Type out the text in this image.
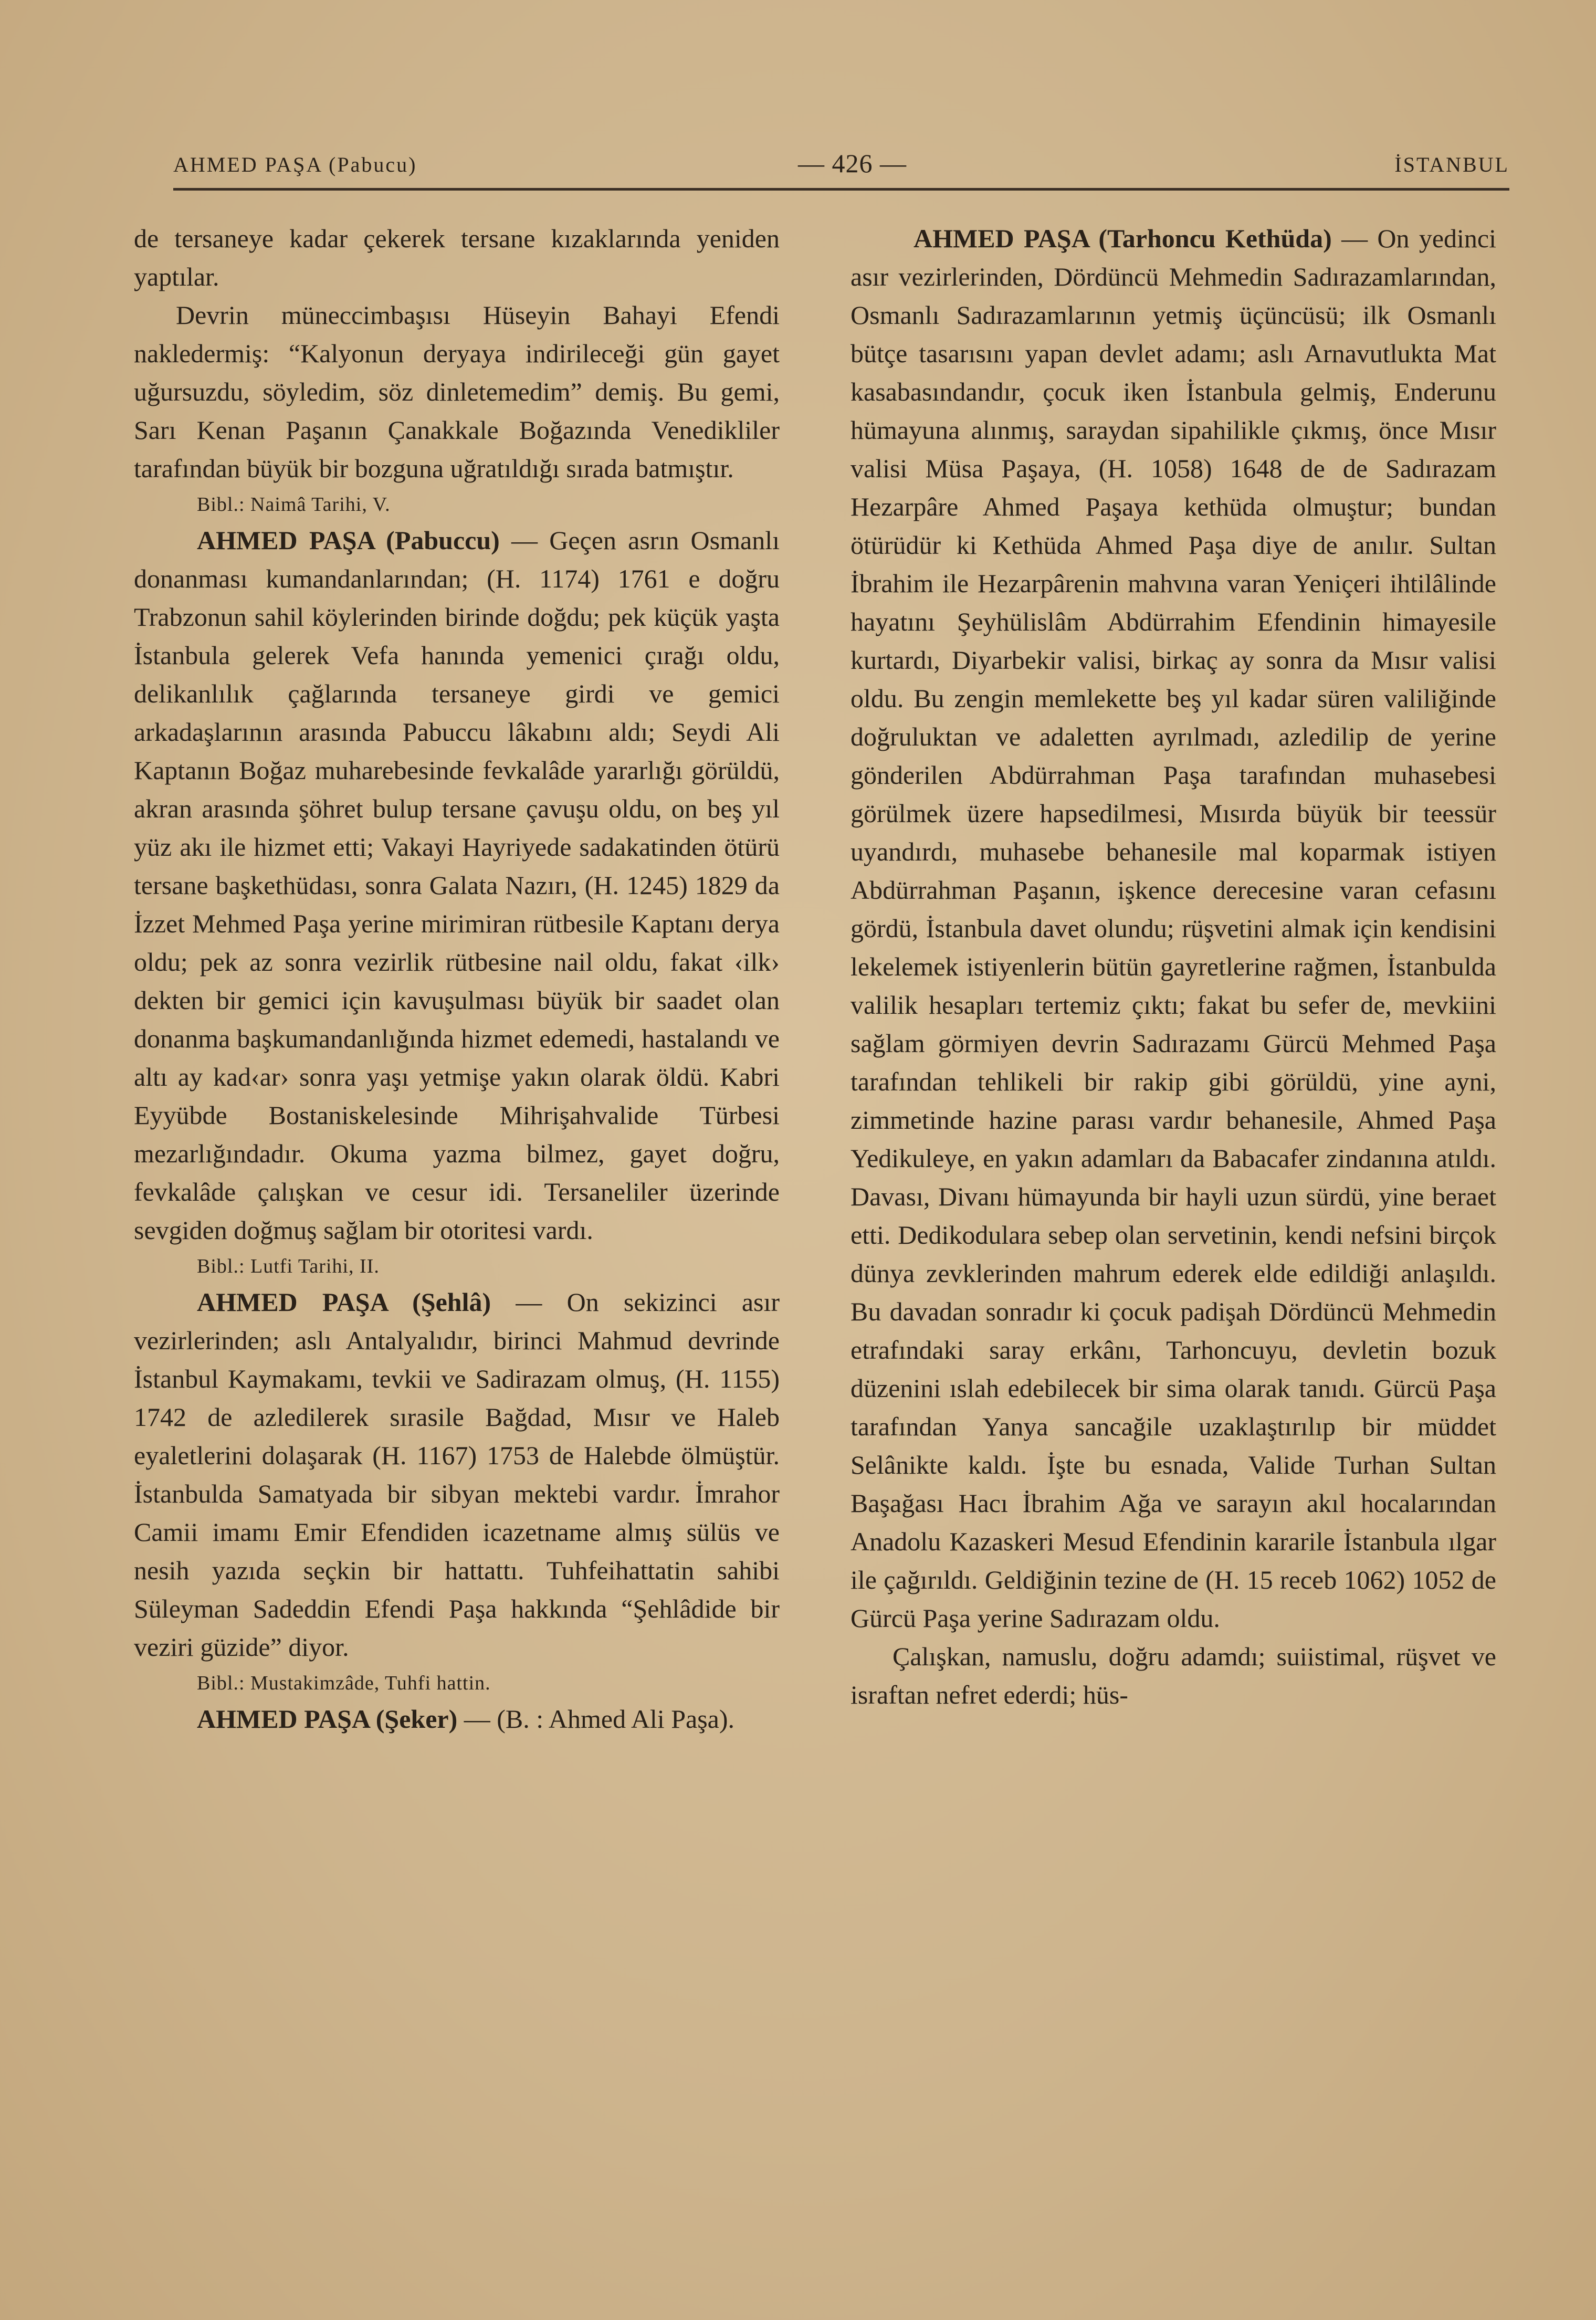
AHMED PAŞA (Pabucu)	— 426 —	İSTANBUL

de tersaneye kadar çekerek tersane kızaklarında yeniden yaptılar.

Devrin müneccimbaşısı Hüseyin Bahayi Efendi nakledermiş: “Kalyonun deryaya indirileceği gün gayet uğursuzdu, söyledim, söz dinletemedim” demiş. Bu gemi, Sarı Kenan Paşanın Çanakkale Boğazında Venedikliler tarafından büyük bir bozguna uğratıldığı sırada batmıştır.

Bibl.: Naimâ Tarihi, V.

AHMED PAŞA (Pabuccu) — Geçen asrın Osmanlı donanması kumandanlarından; (H. 1174) 1761 e doğru Trabzonun sahil köylerinden birinde doğdu; pek küçük yaşta İstanbula gelerek Vefa hanında yemenici çırağı oldu, delikanlılık çağlarında tersaneye girdi ve gemici arkadaşlarının arasında Pabuccu lâkabını aldı; Seydi Ali Kaptanın Boğaz muharebesinde fevkalâde yararlığı görüldü, akran arasında şöhret bulup tersane çavuşu oldu, on beş yıl yüz akı ile hizmet etti; Vakayi Hayriyede sadakatinden ötürü tersane başkethüdası, sonra Galata Nazırı, (H. 1245) 1829 da İzzet Mehmed Paşa yerine mirimiran rütbesile Kaptanı derya oldu; pek az sonra vezirlik rütbesine nail oldu, fakat ‹ilk› dekten bir gemici için kavuşulması büyük bir saadet olan donanma başkumandanlığında hizmet edemedi, hastalandı ve altı ay kad‹ar› sonra yaşı yetmişe yakın olarak öldü. Kabri Eyyübde Bostaniskelesinde Mihrişahvalide Türbesi mezarlığındadır. Okuma yazma bilmez, gayet doğru, fevkalâde çalışkan ve cesur idi. Tersaneliler üzerinde sevgiden doğmuş sağlam bir otoritesi vardı.

Bibl.: Lutfi Tarihi, II.

AHMED PAŞA (Şehlâ) — On sekizinci asır vezirlerinden; aslı Antalyalıdır, birinci Mahmud devrinde İstanbul Kaymakamı, tevkii ve Sadirazam olmuş, (H. 1155) 1742 de azledilerek sırasile Bağdad, Mısır ve Haleb eyaletlerini dolaşarak (H. 1167) 1753 de Halebde ölmüştür. İstanbulda Samatyada bir sibyan mektebi vardır. İmrahor Camii imamı Emir Efendiden icazetname almış sülüs ve nesih yazıda seçkin bir hattattı. Tuhfeihattatin sahibi Süleyman Sadeddin Efendi Paşa hakkında “Şehlâdide bir veziri güzide” diyor.

Bibl.: Mustakimzâde, Tuhfi hattin.

AHMED PAŞA (Şeker) — (B. : Ahmed Ali Paşa).

AHMED PAŞA (Tarhoncu Kethüda) — On yedinci asır vezirlerinden, Dördüncü Mehmedin Sadırazamlarından, Osmanlı Sadırazamlarının yetmiş üçüncüsü; ilk Osmanlı bütçe tasarısını yapan devlet adamı; aslı Arnavutlukta Mat kasabasındandır, çocuk iken İstanbula gelmiş, Enderunu hümayuna alınmış, saraydan sipahilikle çıkmış, önce Mısır valisi Müsa Paşaya, (H. 1058) 1648 de de Sadırazam Hezarpâre Ahmed Paşaya kethüda olmuştur; bundan ötürüdür ki Kethüda Ahmed Paşa diye de anılır. Sultan İbrahim ile Hezarpârenin mahvına varan Yeniçeri ihtilâlinde hayatını Şeyhülislâm Abdürrahim Efendinin himayesile kurtardı, Diyarbekir valisi, birkaç ay sonra da Mısır valisi oldu. Bu zengin memlekette beş yıl kadar süren valiliğinde doğruluktan ve adaletten ayrılmadı, azledilip de yerine gönderilen Abdürrahman Paşa tarafından muhasebesi görülmek üzere hapsedilmesi, Mısırda büyük bir teessür uyandırdı, muhasebe behanesile mal koparmak istiyen Abdürrahman Paşanın, işkence derecesine varan cefasını gördü, İstanbula davet olundu; rüşvetini almak için kendisini lekelemek istiyenlerin bütün gayretlerine rağmen, İstanbulda valilik hesapları tertemiz çıktı; fakat bu sefer de, mevkiini sağlam görmiyen devrin Sadırazamı Gürcü Mehmed Paşa tarafından tehlikeli bir rakip gibi görüldü, yine ayni, zimmetinde hazine parası vardır behanesile, Ahmed Paşa Yedikuleye, en yakın adamları da Babacafer zindanına atıldı. Davası, Divanı hümayunda bir hayli uzun sürdü, yine beraet etti. Dedikodulara sebep olan servetinin, kendi nefsini birçok dünya zevklerinden mahrum ederek elde edildiği anlaşıldı. Bu davadan sonradır ki çocuk padişah Dördüncü Mehmedin etrafındaki saray erkânı, Tarhoncuyu, devletin bozuk düzenini ıslah edebilecek bir sima olarak tanıdı. Gürcü Paşa tarafından Yanya sancağile uzaklaştırılıp bir müddet Selânikte kaldı. İşte bu esnada, Valide Turhan Sultan Başağası Hacı İbrahim Ağa ve sarayın akıl hocalarından Anadolu Kazaskeri Mesud Efendinin kararile İstanbula ılgar ile çağırıldı. Geldiğinin tezine de (H. 15 receb 1062) 1052 de Gürcü Paşa yerine Sadırazam oldu.

Çalışkan, namuslu, doğru adamdı; suiistimal, rüşvet ve israftan nefret ederdi; hüs-
